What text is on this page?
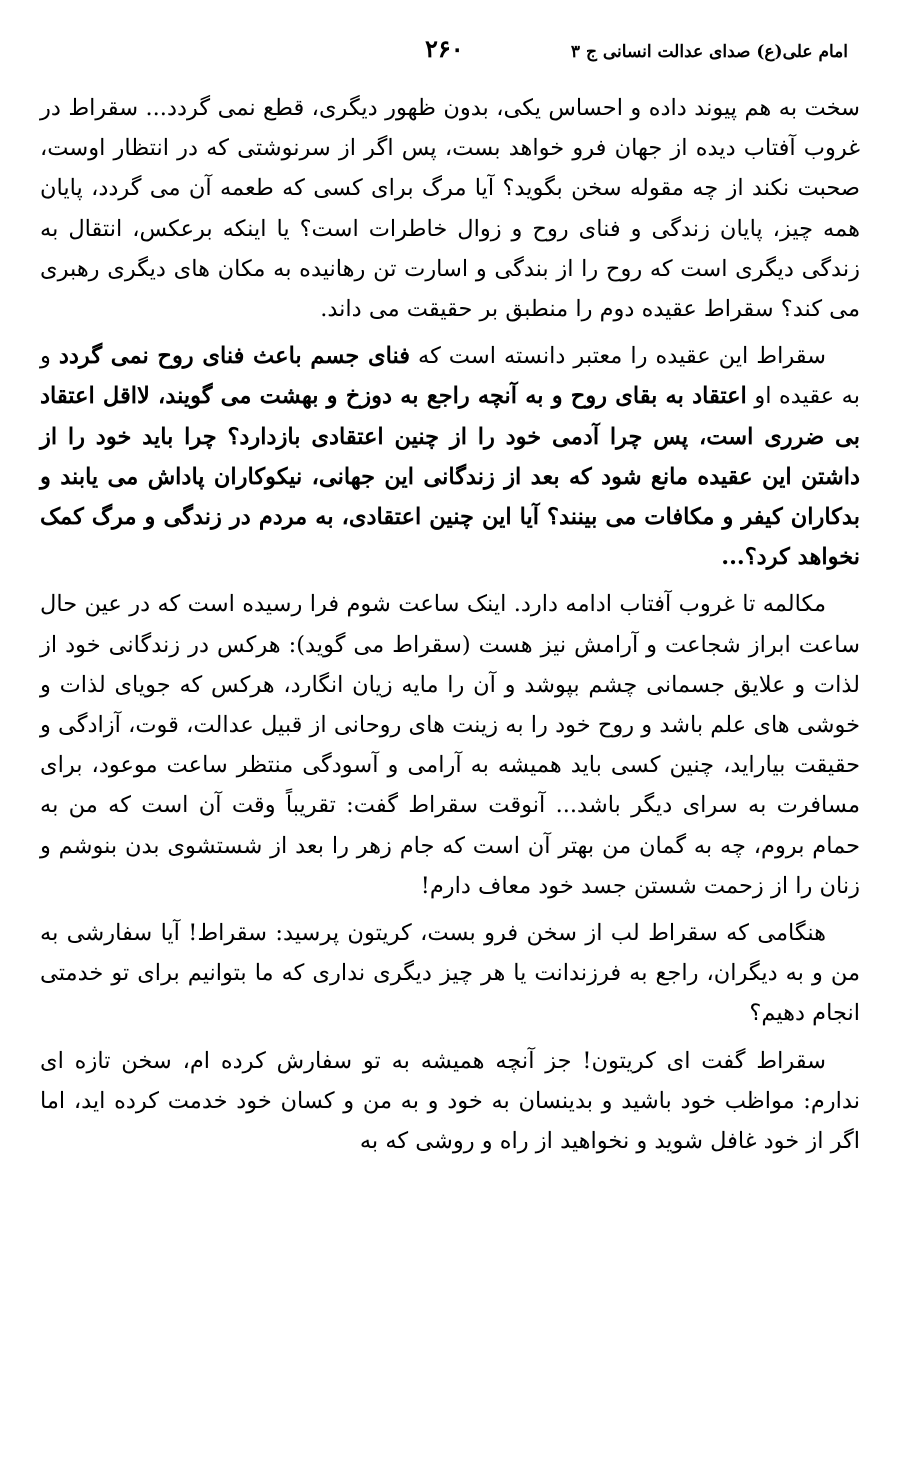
امام علی(ع) صدای عدالت انسانی ج ۳
۲۶۰

سخت به هم پیوند داده و احساس یکی، بدون ظهور دیگری، قطع نمی گردد... سقراط در غروب آفتاب دیده از جهان فرو خواهد بست، پس اگر از سرنوشتی که در انتظار اوست، صحبت نکند از چه مقوله سخن بگوید؟ آیا مرگ برای کسی که طعمه آن می گردد، پایان همه چیز، پایان زندگی و فنای روح و زوال خاطرات است؟ یا اینکه برعکس، انتقال به زندگی دیگری است که روح را از بندگی و اسارت تن رهانیده به مکان های دیگری رهبری می کند؟ سقراط عقیده دوم را منطبق بر حقیقت می داند.

سقراط این عقیده را معتبر دانسته است که فنای جسم باعث فنای روح نمی گردد و به عقیده او اعتقاد به بقای روح و به آنچه راجع به دوزخ و بهشت می گویند، لااقل اعتقاد بی ضرری است، پس چرا آدمی خود را از چنین اعتقادی بازدارد؟ چرا باید خود را از داشتن این عقیده مانع شود که بعد از زندگانی این جهانی، نیکوکاران پاداش می یابند و بدکاران کیفر و مکافات می بینند؟ آیا این چنین اعتقادی، به مردم در زندگی و مرگ کمک نخواهد کرد؟...

مکالمه تا غروب آفتاب ادامه دارد. اینک ساعت شوم فرا رسیده است که در عین حال ساعت ابراز شجاعت و آرامش نیز هست (سقراط می گوید): هرکس در زندگانی خود از لذات و علایق جسمانی چشم بپوشد و آن را مایه زیان انگارد، هرکس که جویای لذات و خوشی های علم باشد و روح خود را به زینت های روحانی از قبیل عدالت، قوت، آزادگی و حقیقت بیاراید، چنین کسی باید همیشه به آرامی و آسودگی منتظر ساعت موعود، برای مسافرت به سرای دیگر باشد... آنوقت سقراط گفت: تقریباً وقت آن است که من به حمام بروم، چه به گمان من بهتر آن است که جام زهر را بعد از شستشوی بدن بنوشم و زنان را از زحمت شستن جسد خود معاف دارم!

هنگامی که سقراط لب از سخن فرو بست، کریتون پرسید: سقراط! آیا سفارشی به من و به دیگران، راجع به فرزندانت یا هر چیز دیگری نداری که ما بتوانیم برای تو خدمتی انجام دهیم؟

سقراط گفت ای کریتون! جز آنچه همیشه به تو سفارش کرده ام، سخن تازه ای ندارم: مواظب خود باشید و بدینسان به خود و به من و کسان خود خدمت کرده اید، اما اگر از خود غافل شوید و نخواهید از راه و روشی که به
